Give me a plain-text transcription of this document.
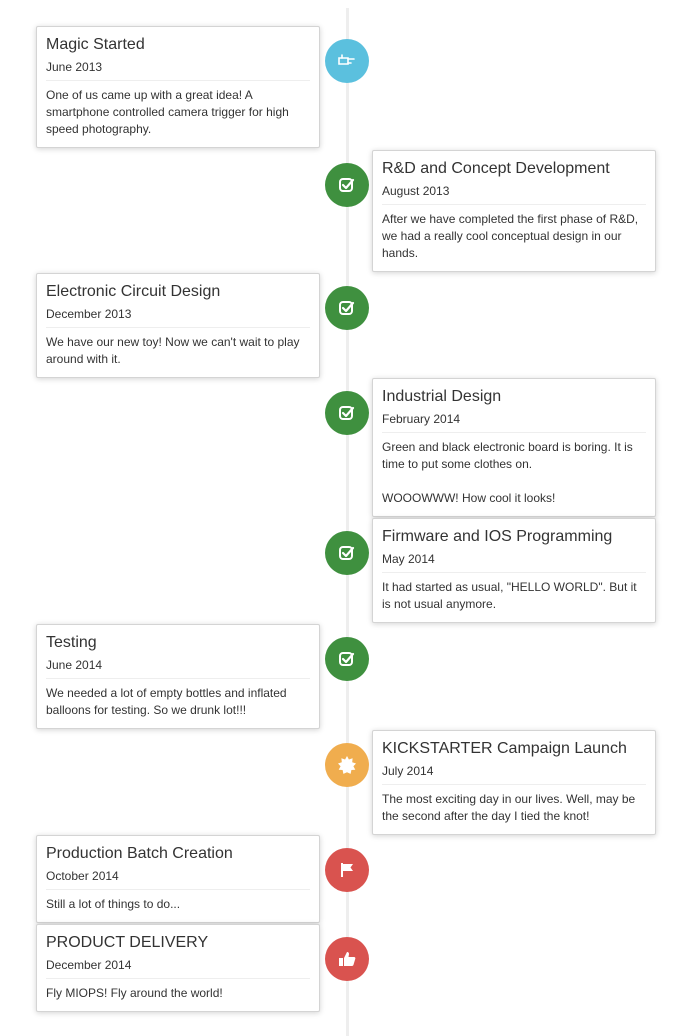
Magic Started
June 2013
One of us came up with a great idea! A smartphone controlled camera trigger for high speed photography.
R&D and Concept Development
August 2013
After we have completed the first phase of R&D, we had a really cool conceptual design in our hands.
Electronic Circuit Design
December 2013
We have our new toy! Now we can't wait to play around with it.
Industrial Design
February 2014
Green and black electronic board is boring. It is time to put some clothes on.

WOOOWWW! How cool it looks!
Firmware and IOS Programming
May 2014
It had started as usual, "HELLO WORLD". But it is not usual anymore.
Testing
June 2014
We needed a lot of empty bottles and inflated balloons for testing. So we drunk lot!!!
KICKSTARTER Campaign Launch
July 2014
The most exciting day in our lives. Well, may be the second after the day I tied the knot!
Production Batch Creation
October 2014
Still a lot of things to do...
PRODUCT DELIVERY
December 2014
Fly MIOPS! Fly around the world!
